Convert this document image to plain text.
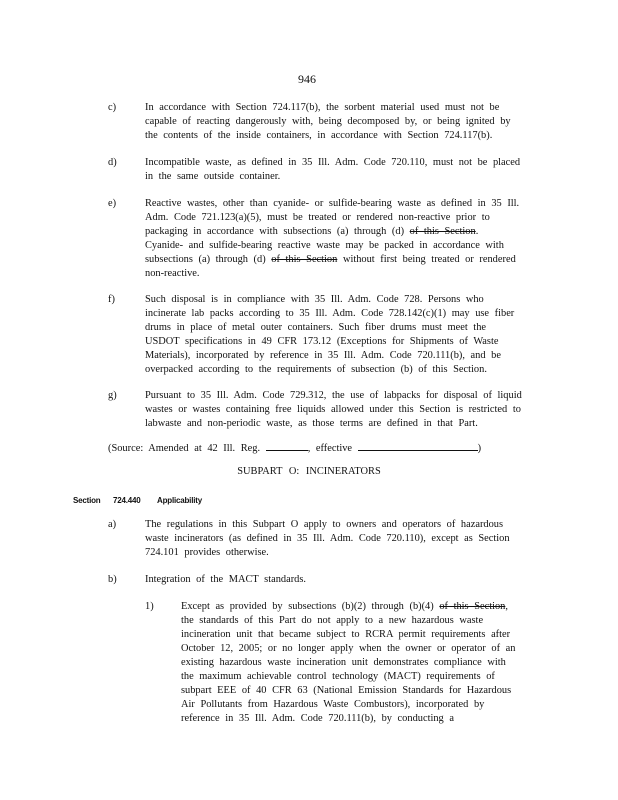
946
c)	In accordance with Section 724.117(b), the sorbent material used must not be
capable of reacting dangerously with, being decomposed by, or being ignited by
the contents of the inside containers, in accordance with Section 724.117(b).
d)	Incompatible waste, as defined in 35 Ill. Adm. Code 720.110, must not be placed
in the same outside container.
e)	Reactive wastes, other than cyanide- or sulfide-bearing waste as defined in 35 Ill.
Adm. Code 721.123(a)(5), must be treated or rendered non-reactive prior to
packaging in accordance with subsections (a) through (d) of this Section.
Cyanide- and sulfide-bearing reactive waste may be packed in accordance with
subsections (a) through (d) of this Section without first being treated or rendered
non-reactive.
f)	Such disposal is in compliance with 35 Ill. Adm. Code 728. Persons who
incinerate lab packs according to 35 Ill. Adm. Code 728.142(c)(1) may use fiber
drums in place of metal outer containers. Such fiber drums must meet the
USDOT specifications in 49 CFR 173.12 (Exceptions for Shipments of Waste
Materials), incorporated by reference in 35 Ill. Adm. Code 720.111(b), and be
overpacked according to the requirements of subsection (b) of this Section.
g)	Pursuant to 35 Ill. Adm. Code 729.312, the use of labpacks for disposal of liquid
wastes or wastes containing free liquids allowed under this Section is restricted to
labwaste and non-periodic waste, as those terms are defined in that Part.
(Source: Amended at 42 Ill. Reg.	, effective	)
SUBPART O: INCINERATORS
Section 724.440 Applicability
a)	The regulations in this Subpart O apply to owners and operators of hazardous
waste incinerators (as defined in 35 Ill. Adm. Code 720.110), except as Section
724.101 provides otherwise.
b)	Integration of the MACT standards.
1)	Except as provided by subsections (b)(2) through (b)(4) of this Section,
the standards of this Part do not apply to a new hazardous waste
incineration unit that became subject to RCRA permit requirements after
October 12, 2005; or no longer apply when the owner or operator of an
existing hazardous waste incineration unit demonstrates compliance with
the maximum achievable control technology (MACT) requirements of
subpart EEE of 40 CFR 63 (National Emission Standards for Hazardous
Air Pollutants from Hazardous Waste Combustors), incorporated by
reference in 35 Ill. Adm. Code 720.111(b), by conducting a
